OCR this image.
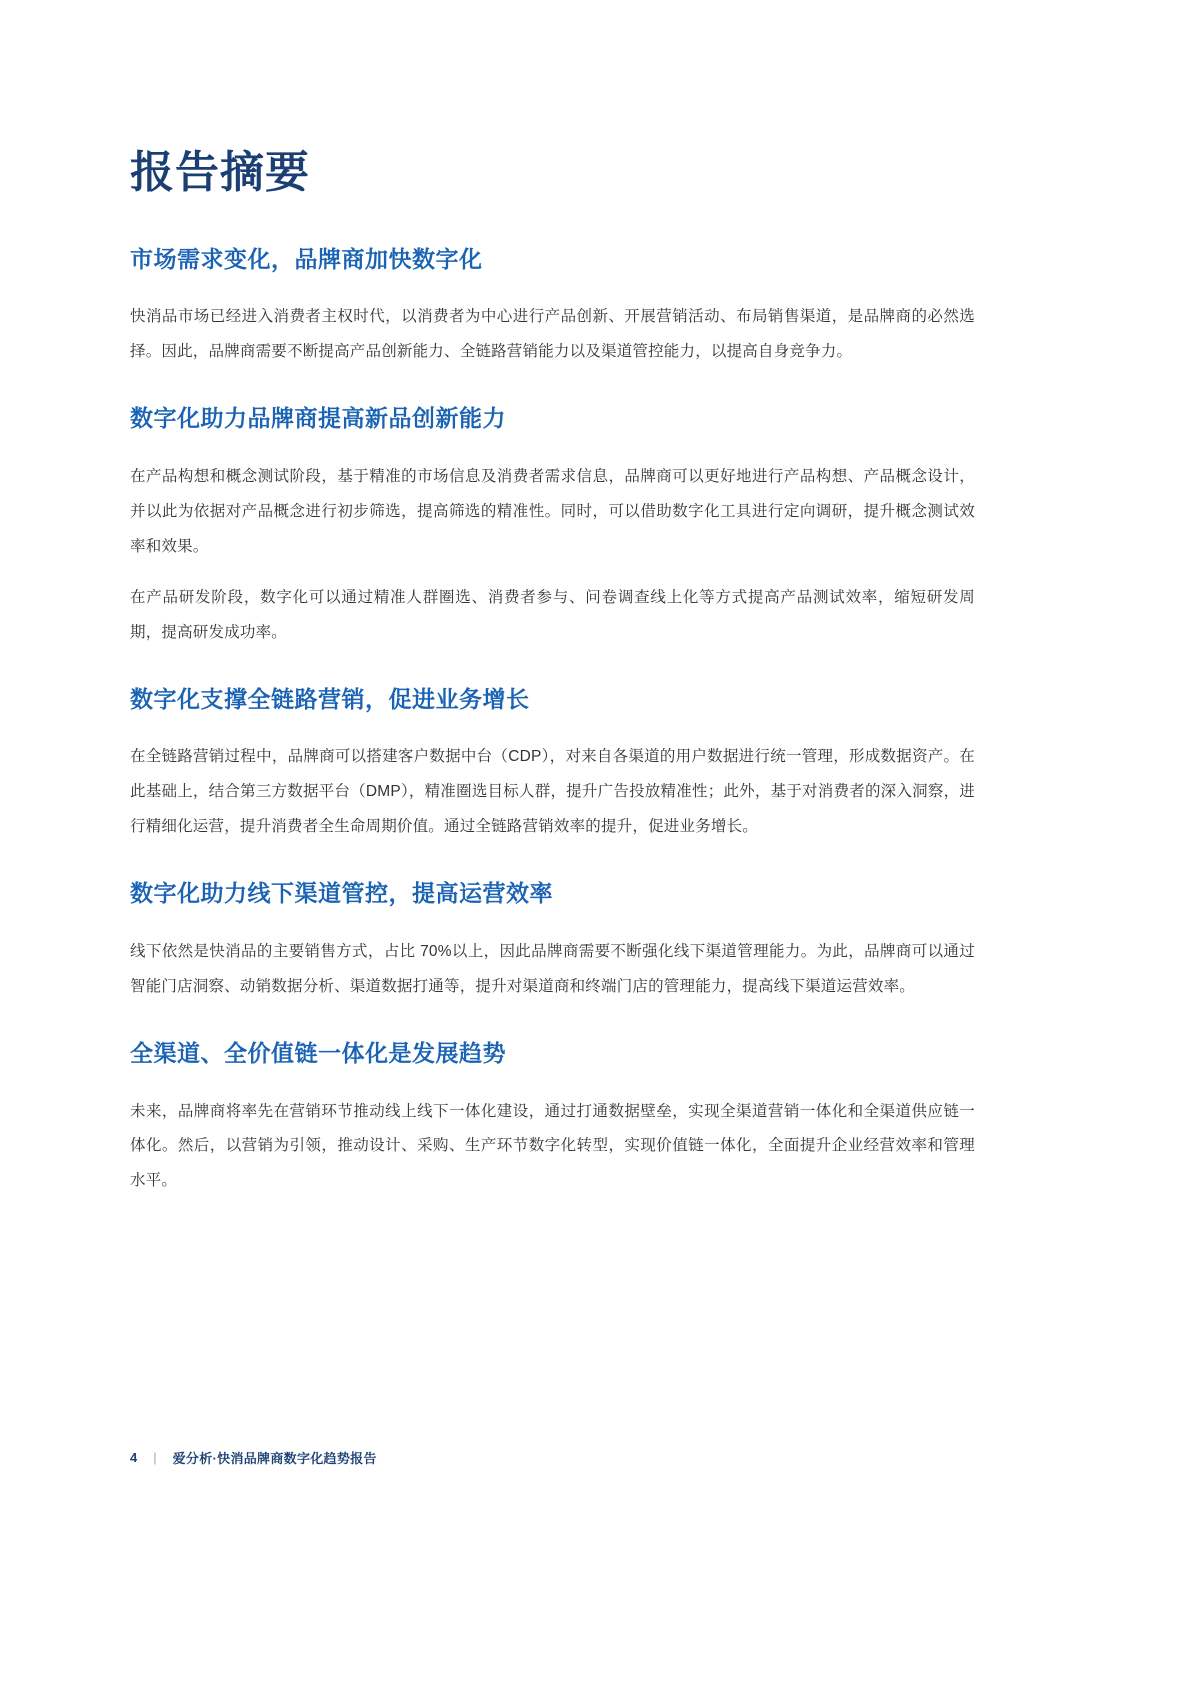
报告摘要
市场需求变化，品牌商加快数字化

快消品市场已经进入消费者主权时代，以消费者为中心进行产品创新、开展营销活动、布局销售渠道，是品牌商的必然选择。因此，品牌商需要不断提高产品创新能力、全链路营销能力以及渠道管控能力，以提高自身竞争力。

数字化助力品牌商提高新品创新能力

在产品构想和概念测试阶段，基于精准的市场信息及消费者需求信息，品牌商可以更好地进行产品构想、产品概念设计，并以此为依据对产品概念进行初步筛选，提高筛选的精准性。同时，可以借助数字化工具进行定向调研，提升概念测试效率和效果。

在产品研发阶段，数字化可以通过精准人群圈选、消费者参与、问卷调查线上化等方式提高产品测试效率，缩短研发周期，提高研发成功率。

数字化支撑全链路营销，促进业务增长

在全链路营销过程中，品牌商可以搭建客户数据中台（CDP），对来自各渠道的用户数据进行统一管理，形成数据资产。在此基础上，结合第三方数据平台（DMP），精准圈选目标人群，提升广告投放精准性；此外，基于对消费者的深入洞察，进行精细化运营，提升消费者全生命周期价值。通过全链路营销效率的提升，促进业务增长。

数字化助力线下渠道管控，提高运营效率

线下依然是快消品的主要销售方式，占比 70%以上，因此品牌商需要不断强化线下渠道管理能力。为此，品牌商可以通过智能门店洞察、动销数据分析、渠道数据打通等，提升对渠道商和终端门店的管理能力，提高线下渠道运营效率。

全渠道、全价值链一体化是发展趋势

未来，品牌商将率先在营销环节推动线上线下一体化建设，通过打通数据壁垒，实现全渠道营销一体化和全渠道供应链一体化。然后，以营销为引领，推动设计、采购、生产环节数字化转型，实现价值链一体化，全面提升企业经营效率和管理水平。

4	|	爱分析·快消品牌商数字化趋势报告
